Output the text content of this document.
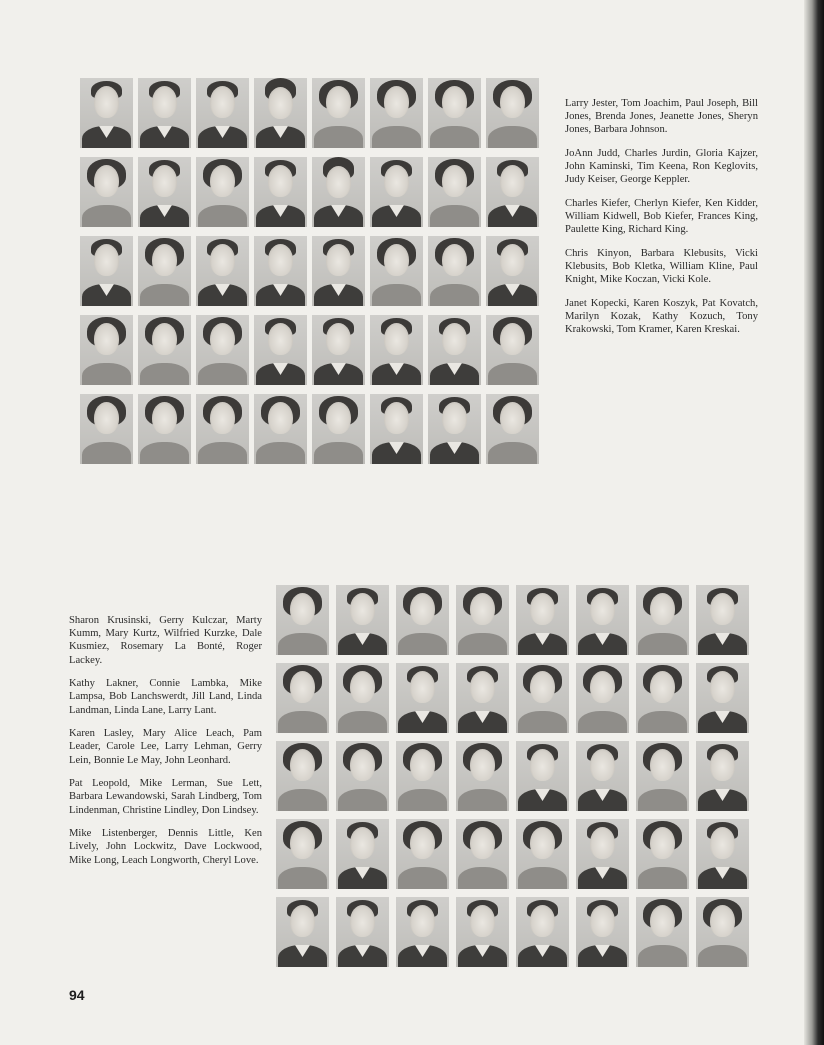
Larry Jester, Tom Joachim, Paul Joseph, Bill Jones, Brenda Jones, Jeanette Jones, Sheryn Jones, Barbara Johnson.

JoAnn Judd, Charles Jurdin, Gloria Kajzer, John Kaminski, Tim Keena, Ron Keglovits, Judy Keiser, George Keppler.

Charles Kiefer, Cherlyn Kiefer, Ken Kidder, William Kidwell, Bob Kiefer, Frances King, Paulette King, Richard King.

Chris Kinyon, Barbara Klebusits, Vicki Klebusits, Bob Kletka, William Kline, Paul Knight, Mike Koczan, Vicki Kole.

Janet Kopecki, Karen Koszyk, Pat Kovatch, Marilyn Kozak, Kathy Kozuch, Tony Krakowski, Tom Kramer, Karen Kreskai.

Sharon Krusinski, Gerry Kulczar, Marty Kumm, Mary Kurtz, Wilfried Kurzke, Dale Kusmiez, Rosemary La Bonté, Roger Lackey.

Kathy Lakner, Connie Lambka, Mike Lampsa, Bob Lanchswerdt, Jill Land, Linda Landman, Linda Lane, Larry Lant.

Karen Lasley, Mary Alice Leach, Pam Leader, Carole Lee, Larry Lehman, Gerry Lein, Bonnie Le May, John Leonhard.

Pat Leopold, Mike Lerman, Sue Lett, Barbara Lewandowski, Sarah Lindberg, Tom Lindenman, Christine Lindley, Don Lindsey.

Mike Listenberger, Dennis Little, Ken Lively, John Lockwitz, Dave Lockwood, Mike Long, Leach Longworth, Cheryl Love.

94
